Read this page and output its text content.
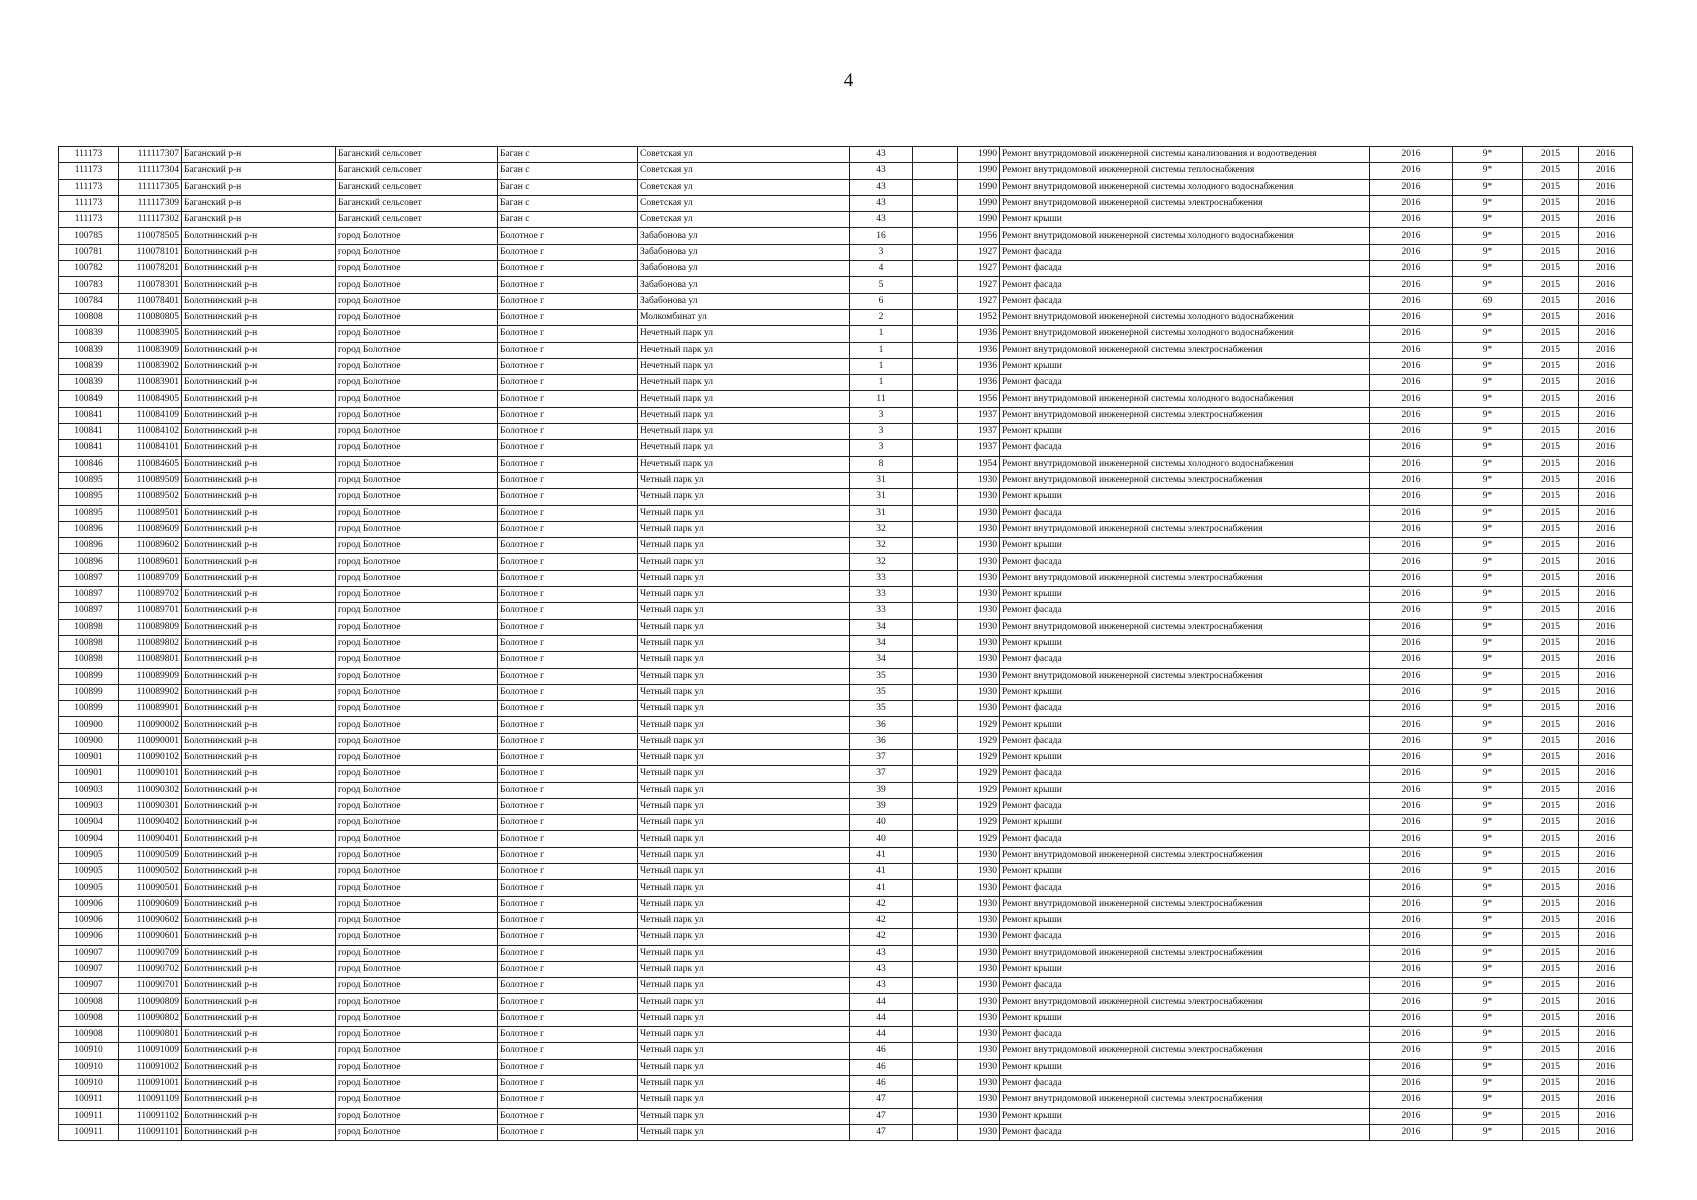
4
111173	111117307	Баганский р-н	Баганский сельсовет	Баган с	Советская ул	43		1990	Ремонт внутридомовой инженерной системы канализования и водоотведения	2016	9*	2015	2016
111173	111117304	Баганский р-н	Баганский сельсовет	Баган с	Советская ул	43		1990	Ремонт внутридомовой инженерной системы теплоснабжения	2016	9*	2015	2016
111173	111117305	Баганский р-н	Баганский сельсовет	Баган с	Советская ул	43		1990	Ремонт внутридомовой инженерной системы холодного водоснабжения	2016	9*	2015	2016
111173	111117309	Баганский р-н	Баганский сельсовет	Баган с	Советская ул	43		1990	Ремонт внутридомовой инженерной системы электроснабжения	2016	9*	2015	2016
111173	111117302	Баганский р-н	Баганский сельсовет	Баган с	Советская ул	43		1990	Ремонт крыши	2016	9*	2015	2016
100785	110078505	Болотнинский р-н	город Болотное	Болотное г	Забабонова ул	16		1956	Ремонт внутридомовой инженерной системы холодного водоснабжения	2016	9*	2015	2016
100781	110078101	Болотнинский р-н	город Болотное	Болотное г	Забабонова ул	3		1927	Ремонт фасада	2016	9*	2015	2016
100782	110078201	Болотнинский р-н	город Болотное	Болотное г	Забабонова ул	4		1927	Ремонт фасада	2016	9*	2015	2016
100783	110078301	Болотнинский р-н	город Болотное	Болотное г	Забабонова ул	5		1927	Ремонт фасада	2016	9*	2015	2016
100784	110078401	Болотнинский р-н	город Болотное	Болотное г	Забабонова ул	6		1927	Ремонт фасада	2016	69	2015	2016
100808	110080805	Болотнинский р-н	город Болотное	Болотное г	Молкомбинат ул	2		1952	Ремонт внутридомовой инженерной системы холодного водоснабжения	2016	9*	2015	2016
100839	110083905	Болотнинский р-н	город Болотное	Болотное г	Нечетный парк ул	1		1936	Ремонт внутридомовой инженерной системы холодного водоснабжения	2016	9*	2015	2016
100839	110083909	Болотнинский р-н	город Болотное	Болотное г	Нечетный парк ул	1		1936	Ремонт внутридомовой инженерной системы электроснабжения	2016	9*	2015	2016
100839	110083902	Болотнинский р-н	город Болотное	Болотное г	Нечетный парк ул	1		1936	Ремонт крыши	2016	9*	2015	2016
100839	110083901	Болотнинский р-н	город Болотное	Болотное г	Нечетный парк ул	1		1936	Ремонт фасада	2016	9*	2015	2016
100849	110084905	Болотнинский р-н	город Болотное	Болотное г	Нечетный парк ул	11		1956	Ремонт внутридомовой инженерной системы холодного водоснабжения	2016	9*	2015	2016
100841	110084109	Болотнинский р-н	город Болотное	Болотное г	Нечетный парк ул	3		1937	Ремонт внутридомовой инженерной системы электроснабжения	2016	9*	2015	2016
100841	110084102	Болотнинский р-н	город Болотное	Болотное г	Нечетный парк ул	3		1937	Ремонт крыши	2016	9*	2015	2016
100841	110084101	Болотнинский р-н	город Болотное	Болотное г	Нечетный парк ул	3		1937	Ремонт фасада	2016	9*	2015	2016
100846	110084605	Болотнинский р-н	город Болотное	Болотное г	Нечетный парк ул	8		1954	Ремонт внутридомовой инженерной системы холодного водоснабжения	2016	9*	2015	2016
100895	110089509	Болотнинский р-н	город Болотное	Болотное г	Четный парк ул	31		1930	Ремонт внутридомовой инженерной системы электроснабжения	2016	9*	2015	2016
100895	110089502	Болотнинский р-н	город Болотное	Болотное г	Четный парк ул	31		1930	Ремонт крыши	2016	9*	2015	2016
100895	110089501	Болотнинский р-н	город Болотное	Болотное г	Четный парк ул	31		1930	Ремонт фасада	2016	9*	2015	2016
100896	110089609	Болотнинский р-н	город Болотное	Болотное г	Четный парк ул	32		1930	Ремонт внутридомовой инженерной системы электроснабжения	2016	9*	2015	2016
100896	110089602	Болотнинский р-н	город Болотное	Болотное г	Четный парк ул	32		1930	Ремонт крыши	2016	9*	2015	2016
100896	110089601	Болотнинский р-н	город Болотное	Болотное г	Четный парк ул	32		1930	Ремонт фасада	2016	9*	2015	2016
100897	110089709	Болотнинский р-н	город Болотное	Болотное г	Четный парк ул	33		1930	Ремонт внутридомовой инженерной системы электроснабжения	2016	9*	2015	2016
100897	110089702	Болотнинский р-н	город Болотное	Болотное г	Четный парк ул	33		1930	Ремонт крыши	2016	9*	2015	2016
100897	110089701	Болотнинский р-н	город Болотное	Болотное г	Четный парк ул	33		1930	Ремонт фасада	2016	9*	2015	2016
100898	110089809	Болотнинский р-н	город Болотное	Болотное г	Четный парк ул	34		1930	Ремонт внутридомовой инженерной системы электроснабжения	2016	9*	2015	2016
100898	110089802	Болотнинский р-н	город Болотное	Болотное г	Четный парк ул	34		1930	Ремонт крыши	2016	9*	2015	2016
100898	110089801	Болотнинский р-н	город Болотное	Болотное г	Четный парк ул	34		1930	Ремонт фасада	2016	9*	2015	2016
100899	110089909	Болотнинский р-н	город Болотное	Болотное г	Четный парк ул	35		1930	Ремонт внутридомовой инженерной системы электроснабжения	2016	9*	2015	2016
100899	110089902	Болотнинский р-н	город Болотное	Болотное г	Четный парк ул	35		1930	Ремонт крыши	2016	9*	2015	2016
100899	110089901	Болотнинский р-н	город Болотное	Болотное г	Четный парк ул	35		1930	Ремонт фасада	2016	9*	2015	2016
100900	110090002	Болотнинский р-н	город Болотное	Болотное г	Четный парк ул	36		1929	Ремонт крыши	2016	9*	2015	2016
100900	110090001	Болотнинский р-н	город Болотное	Болотное г	Четный парк ул	36		1929	Ремонт фасада	2016	9*	2015	2016
100901	110090102	Болотнинский р-н	город Болотное	Болотное г	Четный парк ул	37		1929	Ремонт крыши	2016	9*	2015	2016
100901	110090101	Болотнинский р-н	город Болотное	Болотное г	Четный парк ул	37		1929	Ремонт фасада	2016	9*	2015	2016
100903	110090302	Болотнинский р-н	город Болотное	Болотное г	Четный парк ул	39		1929	Ремонт крыши	2016	9*	2015	2016
100903	110090301	Болотнинский р-н	город Болотное	Болотное г	Четный парк ул	39		1929	Ремонт фасада	2016	9*	2015	2016
100904	110090402	Болотнинский р-н	город Болотное	Болотное г	Четный парк ул	40		1929	Ремонт крыши	2016	9*	2015	2016
100904	110090401	Болотнинский р-н	город Болотное	Болотное г	Четный парк ул	40		1929	Ремонт фасада	2016	9*	2015	2016
100905	110090509	Болотнинский р-н	город Болотное	Болотное г	Четный парк ул	41		1930	Ремонт внутридомовой инженерной системы электроснабжения	2016	9*	2015	2016
100905	110090502	Болотнинский р-н	город Болотное	Болотное г	Четный парк ул	41		1930	Ремонт крыши	2016	9*	2015	2016
100905	110090501	Болотнинский р-н	город Болотное	Болотное г	Четный парк ул	41		1930	Ремонт фасада	2016	9*	2015	2016
100906	110090609	Болотнинский р-н	город Болотное	Болотное г	Четный парк ул	42		1930	Ремонт внутридомовой инженерной системы электроснабжения	2016	9*	2015	2016
100906	110090602	Болотнинский р-н	город Болотное	Болотное г	Четный парк ул	42		1930	Ремонт крыши	2016	9*	2015	2016
100906	110090601	Болотнинский р-н	город Болотное	Болотное г	Четный парк ул	42		1930	Ремонт фасада	2016	9*	2015	2016
100907	110090709	Болотнинский р-н	город Болотное	Болотное г	Четный парк ул	43		1930	Ремонт внутридомовой инженерной системы электроснабжения	2016	9*	2015	2016
100907	110090702	Болотнинский р-н	город Болотное	Болотное г	Четный парк ул	43		1930	Ремонт крыши	2016	9*	2015	2016
100907	110090701	Болотнинский р-н	город Болотное	Болотное г	Четный парк ул	43		1930	Ремонт фасада	2016	9*	2015	2016
100908	110090809	Болотнинский р-н	город Болотное	Болотное г	Четный парк ул	44		1930	Ремонт внутридомовой инженерной системы электроснабжения	2016	9*	2015	2016
100908	110090802	Болотнинский р-н	город Болотное	Болотное г	Четный парк ул	44		1930	Ремонт крыши	2016	9*	2015	2016
100908	110090801	Болотнинский р-н	город Болотное	Болотное г	Четный парк ул	44		1930	Ремонт фасада	2016	9*	2015	2016
100910	110091009	Болотнинский р-н	город Болотное	Болотное г	Четный парк ул	46		1930	Ремонт внутридомовой инженерной системы электроснабжения	2016	9*	2015	2016
100910	110091002	Болотнинский р-н	город Болотное	Болотное г	Четный парк ул	46		1930	Ремонт крыши	2016	9*	2015	2016
100910	110091001	Болотнинский р-н	город Болотное	Болотное г	Четный парк ул	46		1930	Ремонт фасада	2016	9*	2015	2016
100911	110091109	Болотнинский р-н	город Болотное	Болотное г	Четный парк ул	47		1930	Ремонт внутридомовой инженерной системы электроснабжения	2016	9*	2015	2016
100911	110091102	Болотнинский р-н	город Болотное	Болотное г	Четный парк ул	47		1930	Ремонт крыши	2016	9*	2015	2016
100911	110091101	Болотнинский р-н	город Болотное	Болотное г	Четный парк ул	47		1930	Ремонт фасада	2016	9*	2015	2016
